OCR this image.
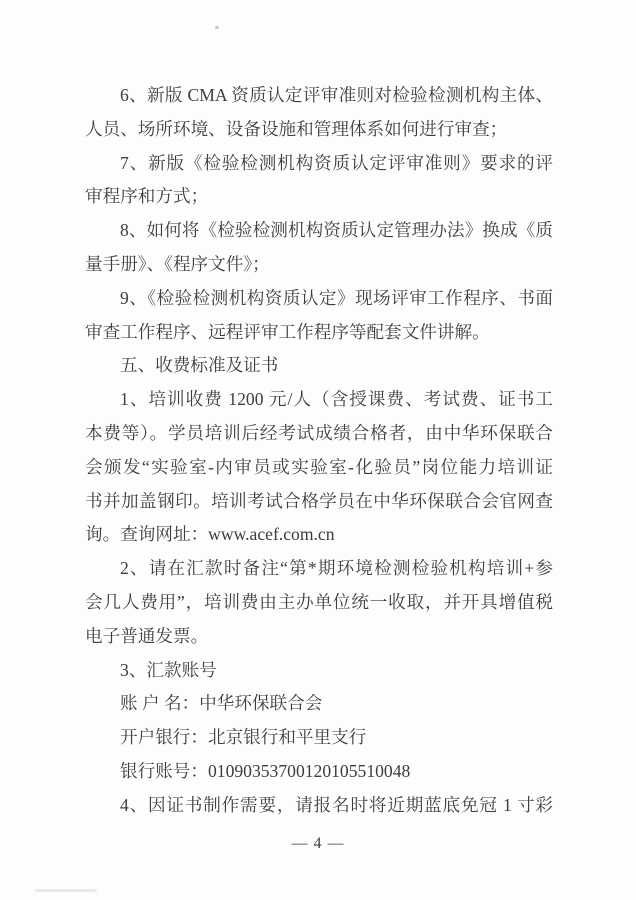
6、新版 CMA 资质认定评审准则对检验检测机构主体、
人员、场所环境、设备设施和管理体系如何进行审查；
7、新版《检验检测机构资质认定评审准则》要求的评
审程序和方式；
8、如何将《检验检测机构资质认定管理办法》换成《质
量手册》、《程序文件》；
9、《检验检测机构资质认定》现场评审工作程序、书面
审查工作程序、远程评审工作程序等配套文件讲解。
五、收费标准及证书
1、培训收费 1200 元/人（含授课费、考试费、证书工
本费等）。学员培训后经考试成绩合格者，由中华环保联合
会颁发“实验室-内审员或实验室-化验员”岗位能力培训证
书并加盖钢印。培训考试合格学员在中华环保联合会官网查
询。查询网址：www.acef.com.cn
2、请在汇款时备注“第*期环境检测检验机构培训+参
会几人费用”，培训费由主办单位统一收取，并开具增值税
电子普通发票。
3、汇款账号
账 户 名：中华环保联合会
开户银行：北京银行和平里支行
银行账号：01090353700120105510048
4、因证书制作需要，请报名时将近期蓝底免冠 1 寸彩
— 4 —
